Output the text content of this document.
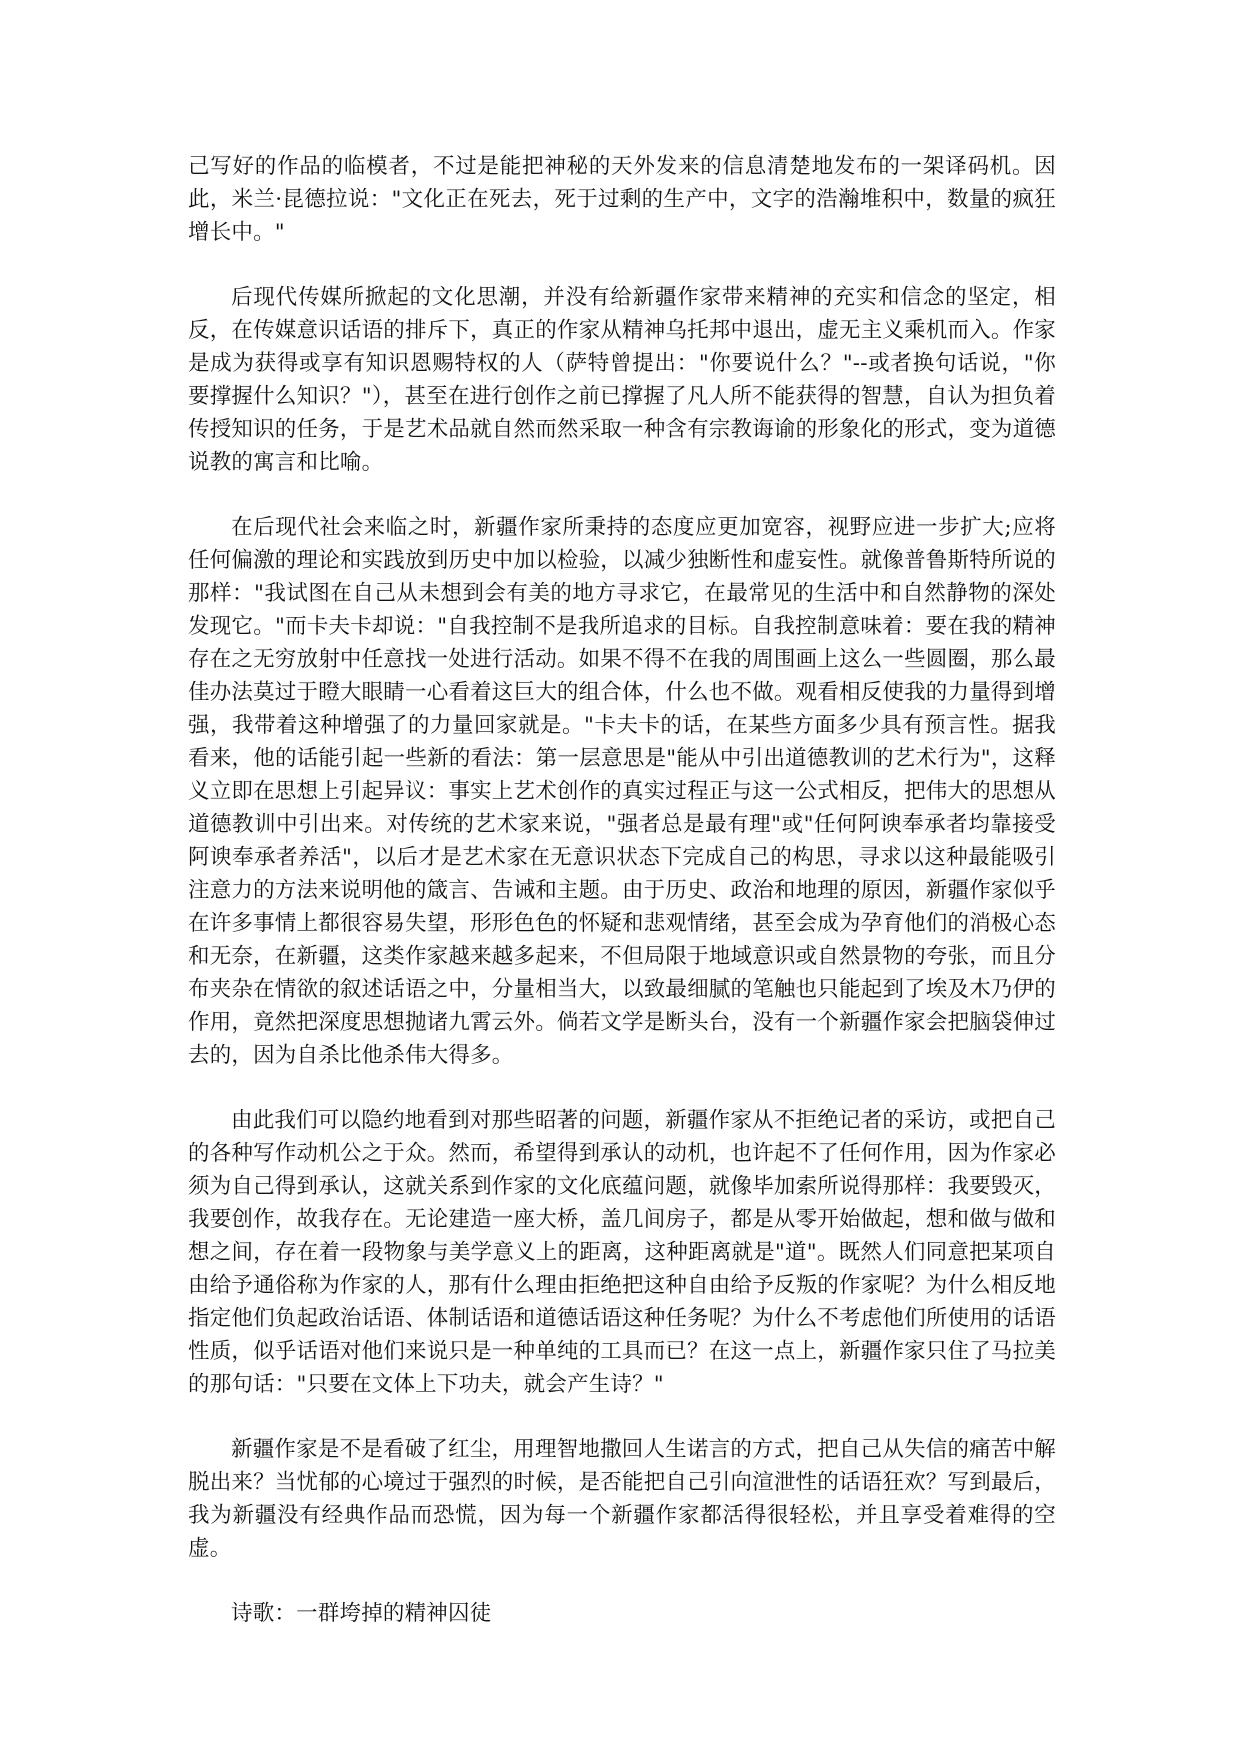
己写好的作品的临模者，不过是能把神秘的天外发来的信息清楚地发布的一架译码机。因此，米兰·昆德拉说："文化正在死去，死于过剩的生产中，文字的浩瀚堆积中，数量的疯狂增长中。"

后现代传媒所掀起的文化思潮，并没有给新疆作家带来精神的充实和信念的坚定，相反，在传媒意识话语的排斥下，真正的作家从精神乌托邦中退出，虚无主义乘机而入。作家是成为获得或享有知识恩赐特权的人（萨特曾提出："你要说什么？"--或者换句话说，"你要撑握什么知识？"），甚至在进行创作之前已撑握了凡人所不能获得的智慧，自认为担负着传授知识的任务，于是艺术品就自然而然采取一种含有宗教诲谕的形象化的形式，变为道德说教的寓言和比喻。

在后现代社会来临之时，新疆作家所秉持的态度应更加宽容，视野应进一步扩大;应将任何偏激的理论和实践放到历史中加以检验，以减少独断性和虚妄性。就像普鲁斯特所说的那样："我试图在自己从未想到会有美的地方寻求它，在最常见的生活中和自然静物的深处发现它。"而卡夫卡却说："自我控制不是我所追求的目标。自我控制意味着：要在我的精神存在之无穷放射中任意找一处进行活动。如果不得不在我的周围画上这么一些圆圈，那么最佳办法莫过于瞪大眼睛一心看着这巨大的组合体，什么也不做。观看相反使我的力量得到增强，我带着这种增强了的力量回家就是。"卡夫卡的话，在某些方面多少具有预言性。据我看来，他的话能引起一些新的看法：第一层意思是"能从中引出道德教训的艺术行为"，这释义立即在思想上引起异议：事实上艺术创作的真实过程正与这一公式相反，把伟大的思想从道德教训中引出来。对传统的艺术家来说，"强者总是最有理"或"任何阿谀奉承者均靠接受阿谀奉承者养活"，以后才是艺术家在无意识状态下完成自己的构思，寻求以这种最能吸引注意力的方法来说明他的箴言、告诫和主题。由于历史、政治和地理的原因，新疆作家似乎在许多事情上都很容易失望，形形色色的怀疑和悲观情绪，甚至会成为孕育他们的消极心态和无奈，在新疆，这类作家越来越多起来，不但局限于地域意识或自然景物的夸张，而且分布夹杂在情欲的叙述话语之中，分量相当大，以致最细腻的笔触也只能起到了埃及木乃伊的作用，竟然把深度思想抛诸九霄云外。倘若文学是断头台，没有一个新疆作家会把脑袋伸过去的，因为自杀比他杀伟大得多。

由此我们可以隐约地看到对那些昭著的问题，新疆作家从不拒绝记者的采访，或把自己的各种写作动机公之于众。然而，希望得到承认的动机，也许起不了任何作用，因为作家必须为自己得到承认，这就关系到作家的文化底蕴问题，就像毕加索所说得那样：我要毁灭，我要创作，故我存在。无论建造一座大桥，盖几间房子，都是从零开始做起，想和做与做和想之间，存在着一段物象与美学意义上的距离，这种距离就是"道"。既然人们同意把某项自由给予通俗称为作家的人，那有什么理由拒绝把这种自由给予反叛的作家呢？为什么相反地指定他们负起政治话语、体制话语和道德话语这种任务呢？为什么不考虑他们所使用的话语性质，似乎话语对他们来说只是一种单纯的工具而已？在这一点上，新疆作家只住了马拉美的那句话："只要在文体上下功夫，就会产生诗？"

新疆作家是不是看破了红尘，用理智地撒回人生诺言的方式，把自己从失信的痛苦中解脱出来？当忧郁的心境过于强烈的时候，是否能把自己引向渲泄性的话语狂欢？写到最后，我为新疆没有经典作品而恐慌，因为每一个新疆作家都活得很轻松，并且享受着难得的空虚。

诗歌：一群垮掉的精神囚徒
